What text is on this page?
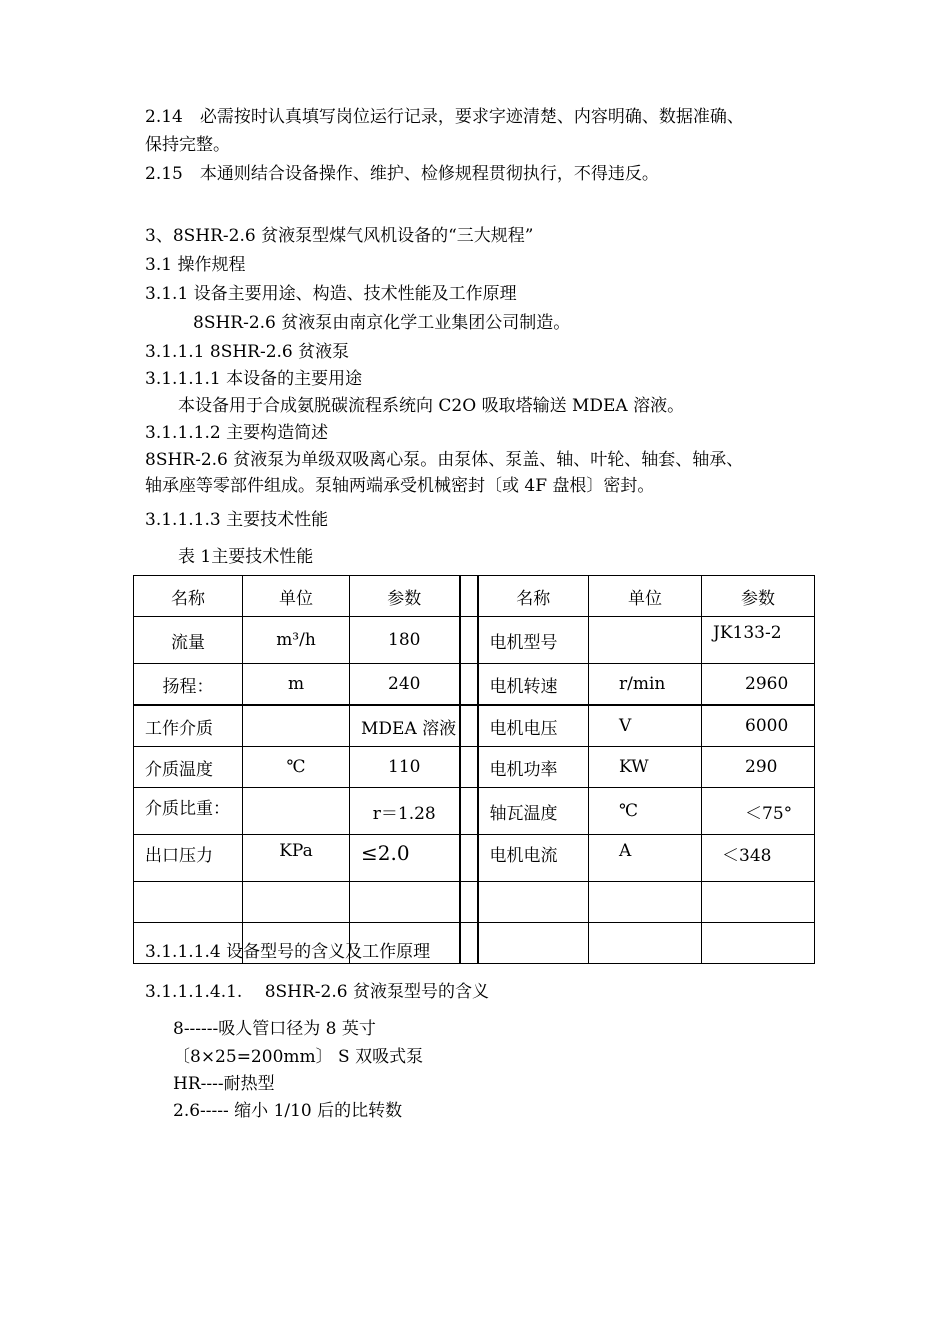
2.14　必需按时认真填写岗位运行记录，要求字迹清楚、内容明确、数据准确、
保持完整。
2.15　本通则结合设备操作、维护、检修规程贯彻执行，不得违反。
3、8SHR-2.6 贫液泵型煤气风机设备的“三大规程”
3.1 操作规程
3.1.1 设备主要用途、构造、技术性能及工作原理
8SHR-2.6 贫液泵由南京化学工业集团公司制造。
3.1.1.1 8SHR-2.6 贫液泵
3.1.1.1.1 本设备的主要用途
本设备用于合成氨脱碳流程系统向 C2O 吸取塔输送 MDEA 溶液。
3.1.1.1.2 主要构造简述
8SHR-2.6 贫液泵为单级双吸离心泵。由泵体、泵盖、轴、叶轮、轴套、轴承、
轴承座等零部件组成。泵轴两端承受机械密封〔或 4F 盘根〕密封。
3.1.1.1.3 主要技术性能
表 1主要技术性能
名称	单位	参数		名称	单位	参数
流量	m³/h	180		电机型号		JK133-2
扬程：	m	240		电机转速	r/min	2960
工作介质		MDEA 溶液		电机电压	V	6000
介质温度	℃	110		电机功率	KW	290
介质比重：		r＝1.28		轴瓦温度	℃	＜75°
出口压力	KPa	≤2.0		电机电流	A	＜348

3.1.1.1.4 设备型号的含义及工作原理
3.1.1.1.4.1.　 8SHR-2.6 贫液泵型号的含义
8------吸人管口径为 8 英寸
〔8×25=200mm〕 S 双吸式泵
HR----耐热型
2.6----- 缩小 1/10 后的比转数
